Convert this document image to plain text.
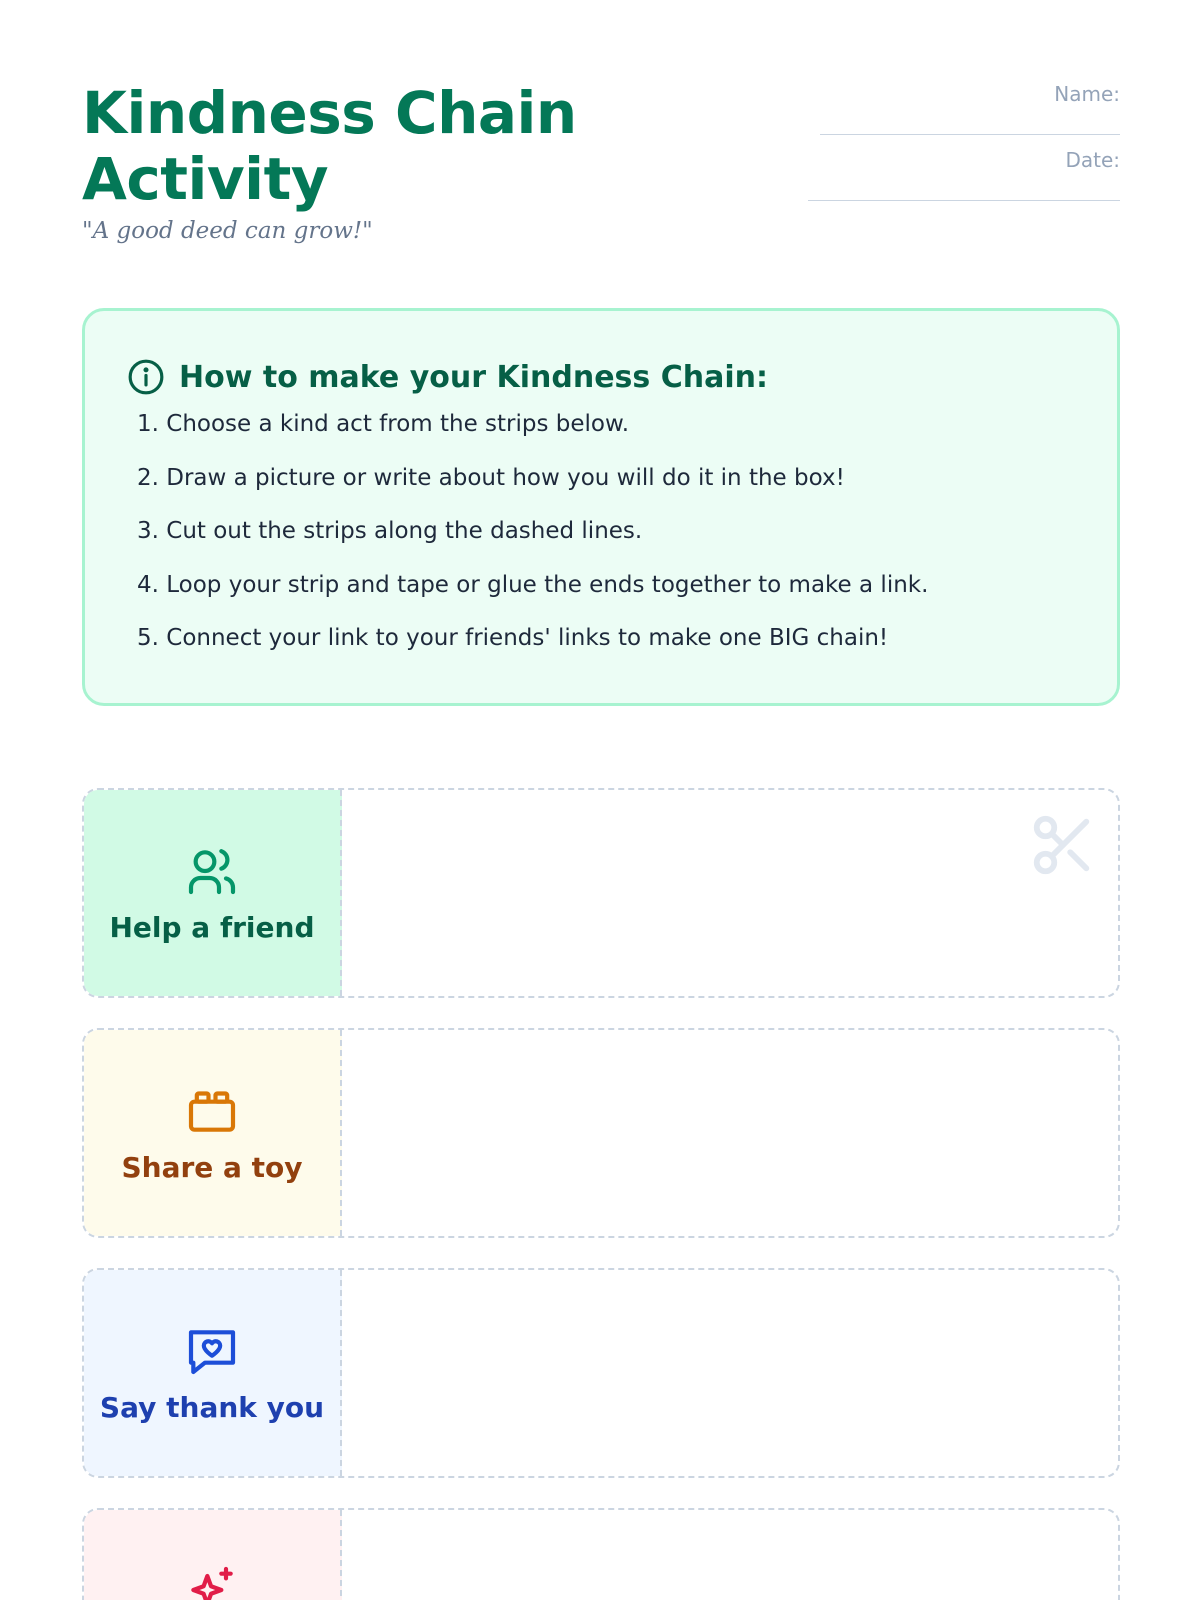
Kindness Chain Activity
"A good deed can grow!"
Name:
Date:
How to make your Kindness Chain:
1. Choose a kind act from the strips below.
2. Draw a picture or write about how you will do it in the box!
3. Cut out the strips along the dashed lines.
4. Loop your strip and tape or glue the ends together to make a link.
5. Connect your link to your friends' links to make one BIG chain!
Help a friend
Share a toy
Say thank you
